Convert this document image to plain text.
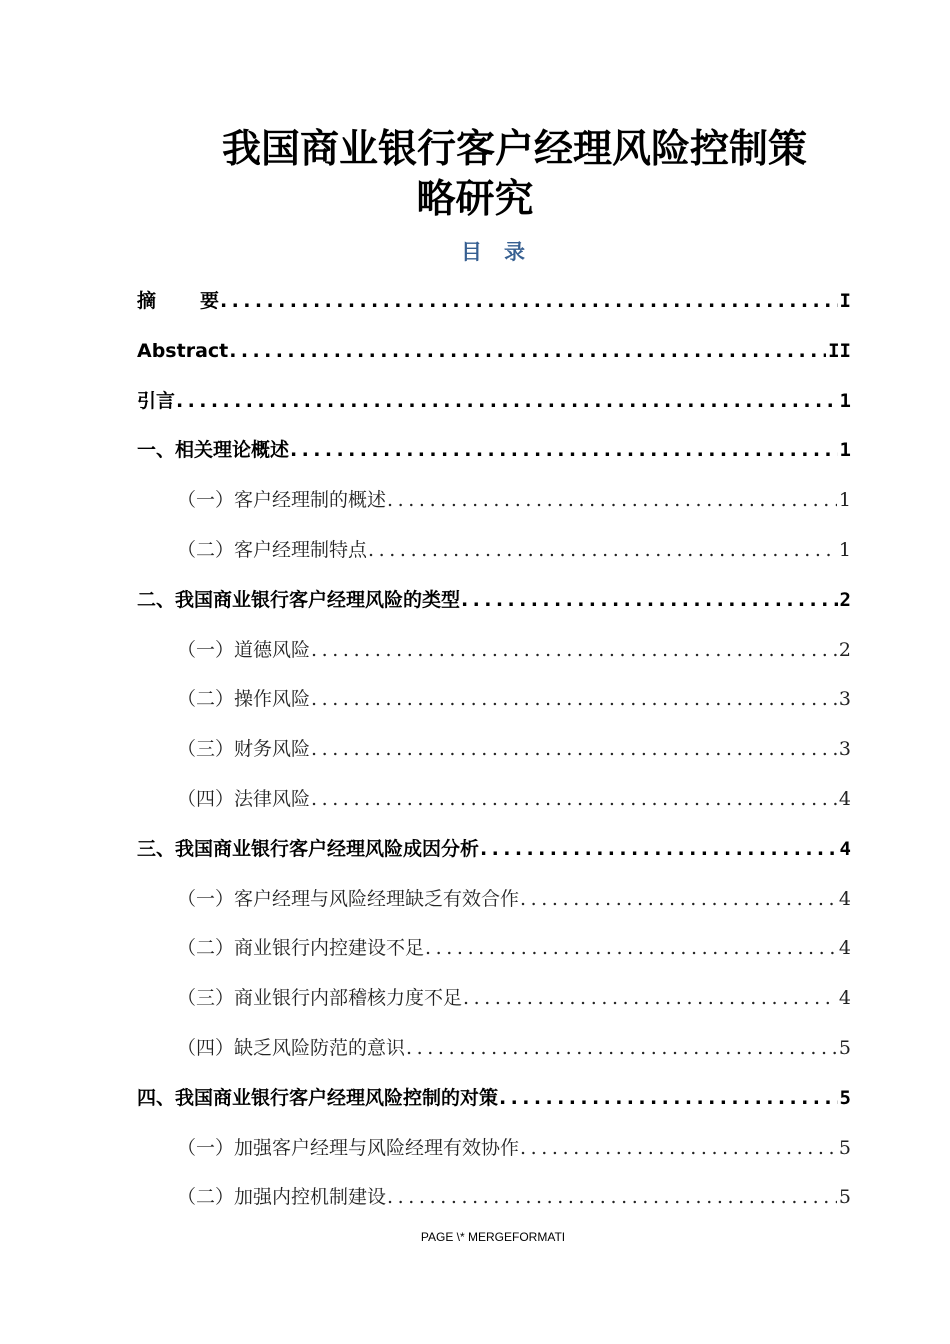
我国商业银行客户经理风险控制策
略研究
目 录
摘 要 .....	I
Abstract .....	II
引言 .....	1
一、相关理论概述 .....	1
（一）客户经理制的概述 .....	1
（二）客户经理制特点 .....	1
二、我国商业银行客户经理风险的类型 .....	2
（一）道德风险 .....	2
（二）操作风险 .....	3
（三）财务风险 .....	3
（四）法律风险 .....	4
三、我国商业银行客户经理风险成因分析 .....	4
（一）客户经理与风险经理缺乏有效合作 .....	4
（二）商业银行内控建设不足 .....	4
（三）商业银行内部稽核力度不足 .....	4
（四）缺乏风险防范的意识 .....	5
四、我国商业银行客户经理风险控制的对策 .....	5
（一）加强客户经理与风险经理有效协作 .....	5
（二）加强内控机制建设 .....	5
PAGE \* MERGEFORMATI
